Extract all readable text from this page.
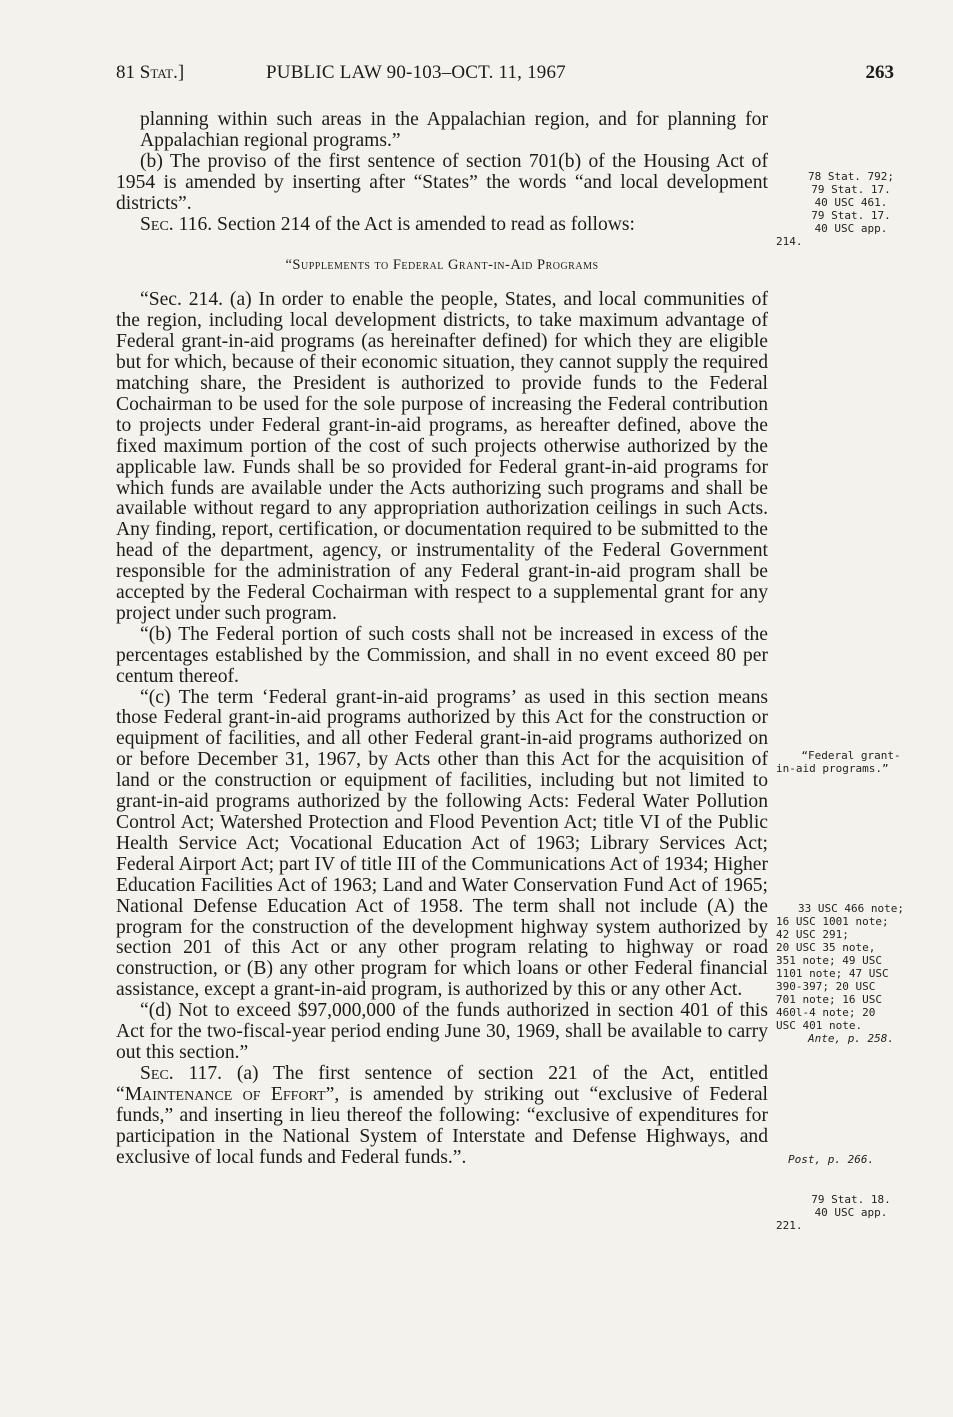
81 Stat.]	PUBLIC LAW 90-103–OCT. 11, 1967	263

planning within such areas in the Appalachian region, and for planning for Appalachian regional programs.”

(b) The proviso of the first sentence of section 701(b) of the Housing Act of 1954 is amended by inserting after “States” the words “and local development districts”.

Sec. 116. Section 214 of the Act is amended to read as follows:

“Supplements to Federal Grant-in-Aid Programs

“Sec. 214. (a) In order to enable the people, States, and local communities of the region, including local development districts, to take maximum advantage of Federal grant-in-aid programs (as hereinafter defined) for which they are eligible but for which, because of their economic situation, they cannot supply the required matching share, the President is authorized to provide funds to the Federal Cochairman to be used for the sole purpose of increasing the Federal contribution to projects under Federal grant-in-aid programs, as hereafter defined, above the fixed maximum portion of the cost of such projects otherwise authorized by the applicable law. Funds shall be so provided for Federal grant-in-aid programs for which funds are available under the Acts authorizing such programs and shall be available without regard to any appropriation authorization ceilings in such Acts. Any finding, report, certification, or documentation required to be submitted to the head of the department, agency, or instrumentality of the Federal Government responsible for the administration of any Federal grant-in-aid program shall be accepted by the Federal Cochairman with respect to a supplemental grant for any project under such program.

“(b) The Federal portion of such costs shall not be increased in excess of the percentages established by the Commission, and shall in no event exceed 80 per centum thereof.

“(c) The term ‘Federal grant-in-aid programs’ as used in this section means those Federal grant-in-aid programs authorized by this Act for the construction or equipment of facilities, and all other Federal grant-in-aid programs authorized on or before December 31, 1967, by Acts other than this Act for the acquisition of land or the construction or equipment of facilities, including but not limited to grant-in-aid programs authorized by the following Acts: Federal Water Pollution Control Act; Watershed Protection and Flood Pevention Act; title VI of the Public Health Service Act; Vocational Education Act of 1963; Library Services Act; Federal Airport Act; part IV of title III of the Communications Act of 1934; Higher Education Facilities Act of 1963; Land and Water Conservation Fund Act of 1965; National Defense Education Act of 1958. The term shall not include (A) the program for the construction of the development highway system authorized by section 201 of this Act or any other program relating to highway or road construction, or (B) any other program for which loans or other Federal financial assistance, except a grant-in-aid program, is authorized by this or any other Act.

“(d) Not to exceed $97,000,000 of the funds authorized in section 401 of this Act for the two-fiscal-year period ending June 30, 1969, shall be available to carry out this section.”

Sec. 117. (a) The first sentence of section 221 of the Act, entitled “Maintenance of Effort”, is amended by striking out “exclusive of Federal funds,” and inserting in lieu thereof the following: “exclusive of expenditures for participation in the National System of Interstate and Defense Highways, and exclusive of local funds and Federal funds.”.

78 Stat. 792;
79 Stat. 17.
40 USC 461.
79 Stat. 17.
40 USC app.
214.
“Federal grant-
in-aid programs.”
33 USC 466 note;
16 USC 1001 note;
42 USC 291;
20 USC 35 note,
351 note; 49 USC
1101 note; 47 USC
390-397; 20 USC
701 note; 16 USC
460l-4 note; 20
USC 401 note.
Ante, p. 258.
Post, p. 266.
79 Stat. 18.
40 USC app.
221.
